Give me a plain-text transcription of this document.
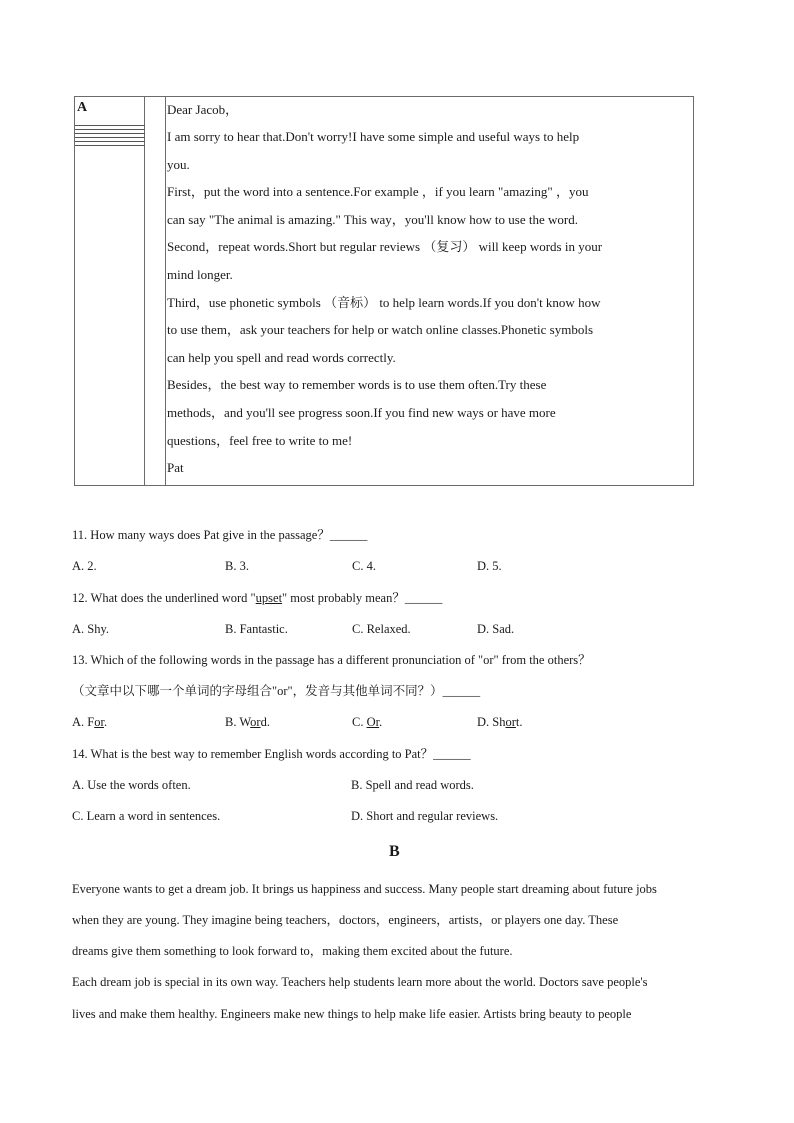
A	Dear Jacob，
I am sorry to hear that.Don't worry!I have some simple and useful ways to help
you.
First，put the word into a sentence.For example ，if you learn "amazing" ，you
can say "The animal is amazing." This way，you'll know how to use the word.
Second，repeat words.Short but regular reviews （复习） will keep words in your
mind longer.
Third，use phonetic symbols （音标） to help learn words.If you don't know how
to use them，ask your teachers for help or watch online classes.Phonetic symbols
can help you spell and read words correctly.
Besides，the best way to remember words is to use them often.Try these
methods，and you'll see progress soon.If you find new ways or have more
questions，feel free to write to me!
Pat
11. How many ways does Pat give in the passage？______
A. 2.	B. 3.	C. 4.	D. 5.
12. What does the underlined word "upset" most probably mean？______
A. Shy.	B. Fantastic.	C. Relaxed.	D. Sad.
13. Which of the following words in the passage has a different pronunciation of "or" from the others？
（文章中以下哪一个单词的字母组合"or"，发音与其他单词不同？）______
A. For.	B. Word.	C. Or.	D. Short.
14. What is the best way to remember English words according to Pat？______
A. Use the words often.	B. Spell and read words.
C. Learn a word in sentences.	D. Short and regular reviews.
B
Everyone wants to get a dream job. It brings us happiness and success. Many people start dreaming about future jobs
when they are young. They imagine being teachers，doctors，engineers，artists，or players one day. These
dreams give them something to look forward to，making them excited about the future.
Each dream job is special in its own way. Teachers help students learn more about the world. Doctors save people's
lives and make them healthy. Engineers make new things to help make life easier. Artists bring beauty to people
